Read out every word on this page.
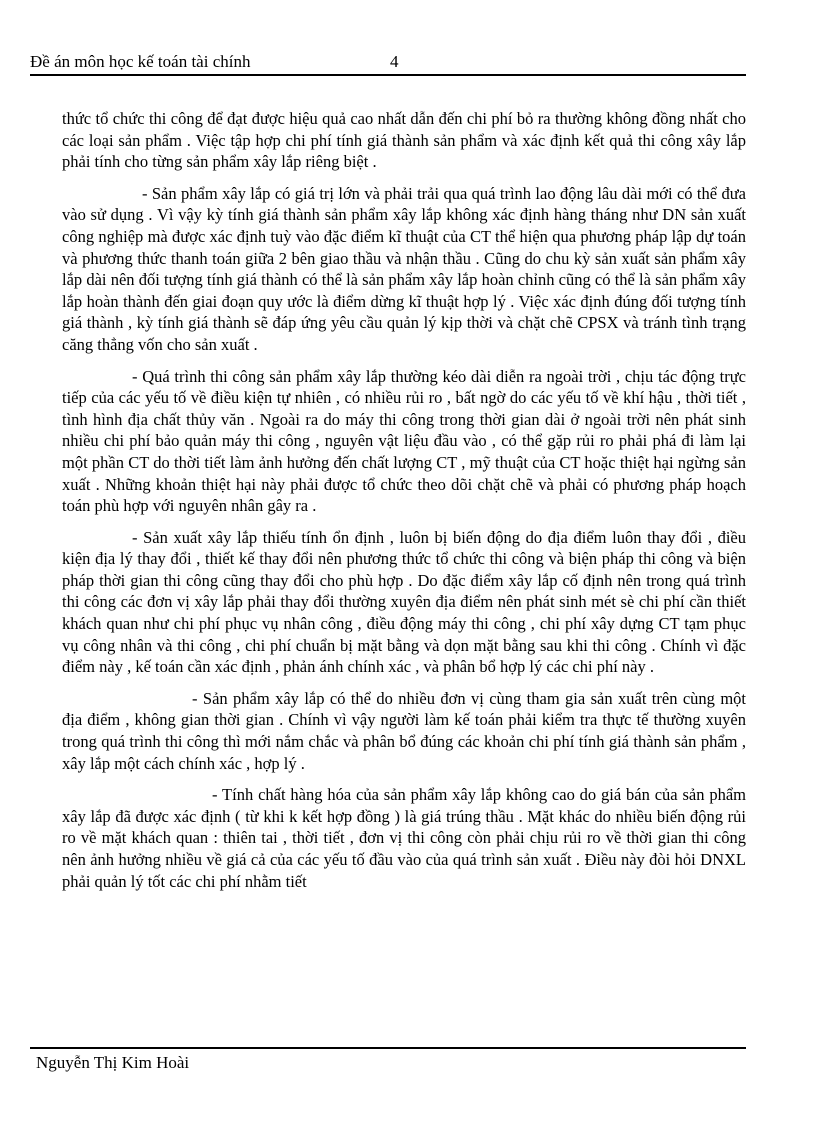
Đề án môn học kế toán tài chính	4

thức tổ chức thi công để đạt được hiệu quả cao nhất dẫn đến chi phí bỏ ra thường không đồng nhất cho các loại sản phẩm . Việc tập hợp chi phí tính giá thành sản phẩm và xác định kết quả thi công xây lắp phải tính cho từng sản phẩm xây lắp riêng biệt .

- Sản phẩm xây lắp có giá trị lớn và phải trải qua quá trình lao động lâu dài mới có thể đưa vào sử dụng . Vì vậy kỳ tính giá thành sản phẩm xây lắp không xác định hàng tháng như DN sản xuất công nghiệp mà được xác định tuỳ vào đặc điểm kĩ thuật của CT thể hiện qua phương pháp lập dự toán và phương thức thanh toán giữa 2 bên giao thầu và nhận thầu . Cũng do chu kỳ sản xuất sản phẩm xây lắp dài nên đối tượng tính giá thành có thể là sản phẩm xây lắp hoàn chỉnh cũng có thể là sản phẩm xây lắp hoàn thành đến giai đoạn quy ước là điểm dừng kĩ thuật hợp lý . Việc xác định đúng đối tượng tính giá thành , kỳ tính giá thành sẽ đáp ứng yêu cầu quản lý kịp thời và chặt chẽ CPSX và tránh tình trạng căng thẳng vốn cho sản xuất .

- Quá trình thi công sản phẩm xây lắp thường kéo dài diễn ra ngoài trời , chịu tác động trực tiếp của các yếu tố về điều kiện tự nhiên , có nhiều rủi ro , bất ngờ do các yếu tố về khí hậu , thời tiết , tình hình địa chất thủy văn . Ngoài ra do máy thi công trong thời gian dài ở ngoài trời nên phát sinh nhiều chi phí bảo quản máy thi công , nguyên vật liệu đầu vào , có thể gặp rủi ro phải phá đi làm lại một phần CT do thời tiết làm ảnh hưởng đến chất lượng CT , mỹ thuật của CT hoặc thiệt hại ngừng sản xuất . Những khoản thiệt hại này phải được tổ chức theo dõi chặt chẽ và phải có phương pháp hoạch toán phù hợp với nguyên nhân gây ra .

- Sản xuất xây lắp thiếu tính ổn định , luôn bị biến động do địa điểm luôn thay đổi , điều kiện địa lý thay đổi , thiết kế thay đổi nên phương thức tổ chức thi công và biện pháp thi công và biện pháp thời gian thi công cũng thay đổi cho phù hợp . Do đặc điểm xây lắp cố định nên trong quá trình thi công các đơn vị xây lắp phải thay đổi thường xuyên địa điểm nên phát sinh mét sè chi phí cần thiết khách quan như chi phí phục vụ nhân công , điều động máy thi công , chi phí xây dựng CT tạm phục vụ công nhân và thi công , chi phí chuẩn bị mặt bằng và dọn mặt bằng sau khi thi công . Chính vì đặc điểm này , kế toán cần xác định , phản ánh chính xác , và phân bổ hợp lý các chi phí này .

- Sản phẩm xây lắp có thể do nhiều đơn vị cùng tham gia sản xuất trên cùng một địa điểm , không gian thời gian . Chính vì vậy người làm kế toán phải kiểm tra thực tế thường xuyên trong quá trình thi công thì mới nắm chắc và phân bổ đúng các khoản chi phí tính giá thành sản phẩm , xây lắp một cách chính xác , hợp lý .

- Tính chất hàng hóa của sản phẩm xây lắp không cao do giá bán của sản phẩm xây lắp đã được xác định ( từ khi k kết hợp đồng ) là giá trúng thầu . Mặt khác do nhiều biến động rủi ro về mặt khách quan : thiên tai , thời tiết , đơn vị thi công còn phải chịu rủi ro về thời gian thi công nên ảnh hưởng nhiều về giá cả của các yếu tố đầu vào của quá trình sản xuất . Điều này đòi hỏi DNXL phải quản lý tốt các chi phí nhằm tiết

Nguyễn Thị Kim Hoài
